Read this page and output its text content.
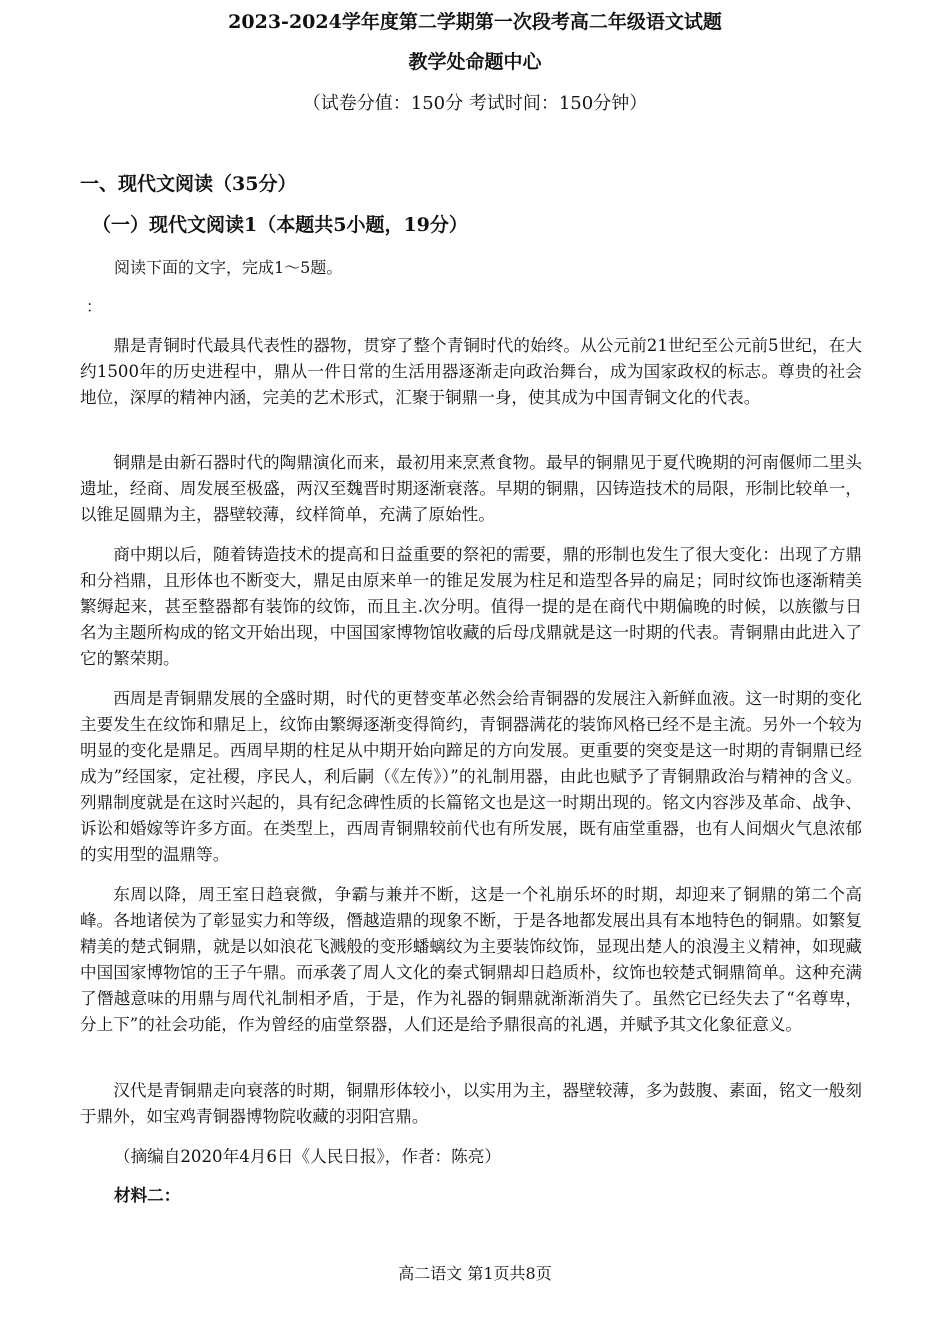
2023-2024学年度第二学期第一次段考高二年级语文试题
教学处命题中心
（试卷分值：150分 考试时间：150分钟）
一、现代文阅读（35分）
（一）现代文阅读1（本题共5小题，19分）
阅读下面的文字，完成1～5题。
：
鼎是青铜时代最具代表性的器物，贯穿了整个青铜时代的始终。从公元前21世纪至公元前5世纪，在大约1500年的历史进程中，鼎从一件日常的生活用器逐渐走向政治舞台，成为国家政权的标志。尊贵的社会地位，深厚的精神内涵，完美的艺术形式，汇聚于铜鼎一身，使其成为中国青铜文化的代表。
铜鼎是由新石器时代的陶鼎演化而来，最初用来烹煮食物。最早的铜鼎见于夏代晚期的河南偃师二里头遗址，经商、周发展至极盛，两汉至魏晋时期逐渐衰落。早期的铜鼎，囚铸造技术的局限，形制比较单一，以锥足圆鼎为主，器壁较薄，纹样简单，充满了原始性。
商中期以后，随着铸造技术的提高和日益重要的祭祀的需要，鼎的形制也发生了很大变化：出现了方鼎和分裆鼎，且形体也不断变大，鼎足由原来单一的锥足发展为柱足和造型各异的扁足；同时纹饰也逐渐精美繁缛起来，甚至整器都有装饰的纹饰，而且主.次分明。值得一提的是在商代中期偏晚的时候，以族徽与日名为主题所构成的铭文开始出现，中国国家博物馆收藏的后母戊鼎就是这一时期的代表。青铜鼎由此进入了它的繁荣期。
西周是青铜鼎发展的全盛时期，时代的更替变革必然会给青铜器的发展注入新鲜血液。这一时期的变化主要发生在纹饰和鼎足上，纹饰由繁缛逐渐变得简约，青铜器满花的装饰风格已经不是主流。另外一个较为明显的变化是鼎足。西周早期的柱足从中期开始向蹄足的方向发展。更重要的突变是这一时期的青铜鼎已经成为”经国家，定社稷，序民人，利后嗣（《左传》）”的礼制用器，由此也赋予了青铜鼎政治与精神的含义。列鼎制度就是在这时兴起的，具有纪念碑性质的长篇铭文也是这一时期出现的。铭文内容涉及革命、战争、诉讼和婚嫁等许多方面。在类型上，西周青铜鼎较前代也有所发展，既有庙堂重器，也有人间烟火气息浓郁的实用型的温鼎等。
东周以降，周王室日趋衰微，争霸与兼并不断，这是一个礼崩乐坏的时期，却迎来了铜鼎的第二个高峰。各地诸侯为了彰显实力和等级，僭越造鼎的现象不断，于是各地都发展出具有本地特色的铜鼎。如繁复精美的楚式铜鼎，就是以如浪花飞溅般的变形蟠螭纹为主要装饰纹饰，显现出楚人的浪漫主义精神，如现藏中国国家博物馆的王子午鼎。而承袭了周人文化的秦式铜鼎却日趋质朴，纹饰也较楚式铜鼎简单。这种充满了僭越意味的用鼎与周代礼制相矛盾，于是，作为礼器的铜鼎就渐渐消失了。虽然它已经失去了“名尊卑，分上下”的社会功能，作为曾经的庙堂祭器，人们还是给予鼎很高的礼遇，并赋予其文化象征意义。
汉代是青铜鼎走向衰落的时期，铜鼎形体较小，以实用为主，器壁较薄，多为鼓腹、素面，铭文一般刻于鼎外，如宝鸡青铜器博物院收藏的羽阳宫鼎。
（摘编自2020年4月6日《人民日报》，作者：陈亮）
材料二：
高二语文 第1页共8页
